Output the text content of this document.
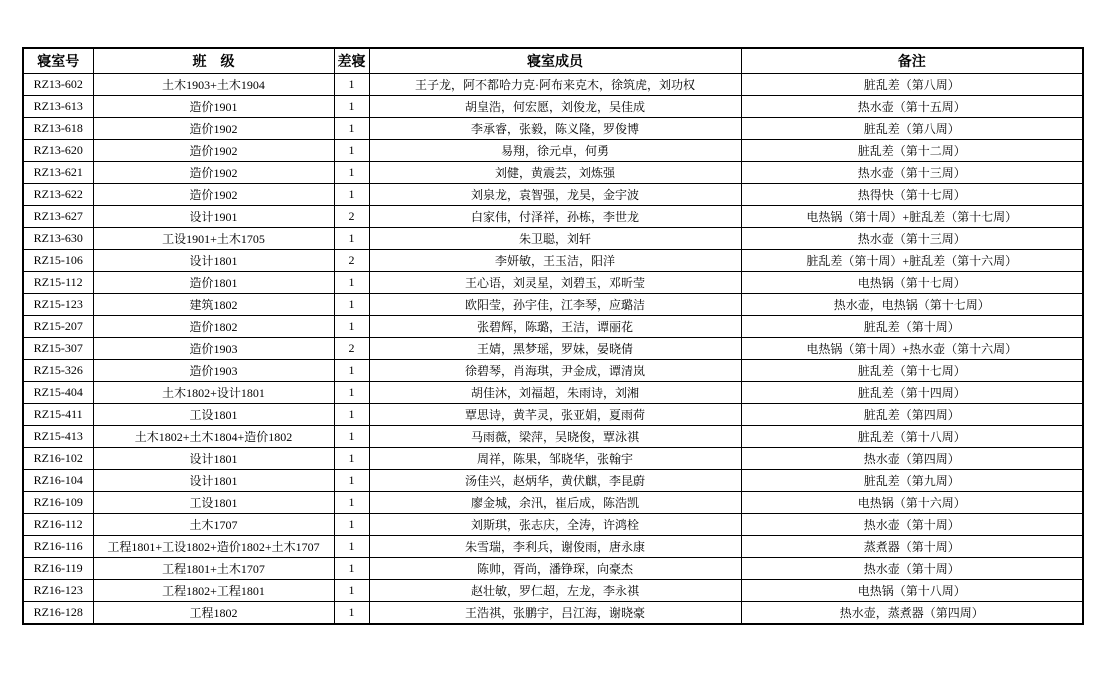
寝室号	班　级	差寝	寝室成员	备注
RZ13-602	土木1903+土木1904	1	王子龙，阿不都哈力克·阿布来克木，徐筑虎，刘功权	脏乱差（第八周）
RZ13-613	造价1901	1	胡皇浩，何宏愿，刘俊龙，吴佳成	热水壶（第十五周）
RZ13-618	造价1902	1	李承睿，张毅，陈义隆，罗俊博	脏乱差（第八周）
RZ13-620	造价1902	1	易翔，徐元卓，何勇	脏乱差（第十二周）
RZ13-621	造价1902	1	刘健，黄震芸，刘炼强	热水壶（第十三周）
RZ13-622	造价1902	1	刘泉龙，袁智强，龙昊，金宇波	热得快（第十七周）
RZ13-627	设计1901	2	白家伟，付泽祥，孙栋，李世龙	电热锅（第十周）+脏乱差（第十七周）
RZ13-630	工设1901+土木1705	1	朱卫聪，刘轩	热水壶（第十三周）
RZ15-106	设计1801	2	李妍敏，王玉洁，阳洋	脏乱差（第十周）+脏乱差（第十六周）
RZ15-112	造价1801	1	王心语，刘灵星，刘碧玉，邓昕莹	电热锅（第十七周）
RZ15-123	建筑1802	1	欧阳莹，孙宇佳，江李琴，应璐洁	热水壶，电热锅（第十七周）
RZ15-207	造价1802	1	张碧辉，陈璐，王洁，谭丽花	脏乱差（第十周）
RZ15-307	造价1903	2	王婧，黑梦瑶，罗妹，晏晓倩	电热锅（第十周）+热水壶（第十六周）
RZ15-326	造价1903	1	徐碧琴，肖海琪，尹金成，谭清岚	脏乱差（第十七周）
RZ15-404	土木1802+设计1801	1	胡佳沐，刘福超，朱雨诗，刘湘	脏乱差（第十四周）
RZ15-411	工设1801	1	覃思诗，黄芊灵，张亚娟，夏雨荷	脏乱差（第四周）
RZ15-413	土木1802+土木1804+造价1802	1	马雨薇，梁萍，吴晓俊，覃泳祺	脏乱差（第十八周）
RZ16-102	设计1801	1	周祥，陈果，邹晓华，张翰宇	热水壶（第四周）
RZ16-104	设计1801	1	汤佳兴，赵炳华，黄伏麒，李昆蔚	脏乱差（第九周）
RZ16-109	工设1801	1	廖金城，余汛，崔后成，陈浩凯	电热锅（第十六周）
RZ16-112	土木1707	1	刘斯琪，张志庆，全涛，许鸿栓	热水壶（第十周）
RZ16-116	工程1801+工设1802+造价1802+土木1707	1	朱雪瑞，李利兵，谢俊雨，唐永康	蒸煮器（第十周）
RZ16-119	工程1801+土木1707	1	陈帅，胥尚，潘铮琛，向豪杰	热水壶（第十周）
RZ16-123	工程1802+工程1801	1	赵壮敏，罗仁超，左龙，李永祺	电热锅（第十八周）
RZ16-128	工程1802	1	王浩祺，张鹏宇，吕江海，谢晓豪	热水壶，蒸煮器（第四周）
